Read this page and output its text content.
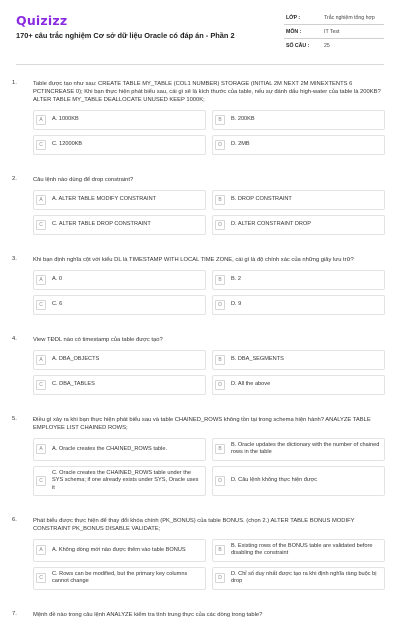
Quizizz
170+ câu trắc nghiệm Cơ sở dữ liệu Oracle có đáp án - Phần 2
LỚP :	Trắc nghiệm tổng hợp
MÔN :	IT Test
SỐ CÂU :	25
1.	Table được tạo như sau: CREATE TABLE MY_TABLE (COL1 NUMBER) STORAGE (INITIAL 2M NEXT 2M MINEXTENTS 6 PCTINCREASE 0); Khi bạn thực hiện phát biểu sau, cái gì sẽ là kích thước của table, nếu sự đánh dấu high-water của table là 200KB? ALTER TABLE MY_TABLE DEALLOCATE UNUSED KEEP 1000K;
A	A. 1000KB	B	B. 200KB
C	C. 12000KB	D	D. 2MB
2.	Câu lệnh nào dùng để drop constraint?
A	A. ALTER TABLE MODIFY CONSTRAINT	B	B. DROP CONSTRAINT
C	C. ALTER TABLE DROP CONSTRAINT	D	D. ALTER CONSTRAINT DROP
3.	Khi bạn định nghĩa cột với kiểu DL là TIMESTAMP WITH LOCAL TIME ZONE, cái gì là độ chính xác của những giây lưu trữ?
A	A. 0	B	B. 2
C	C. 6	D	D. 9
4.	View TĐDL nào có timestamp của table được tạo?
A	A. DBA_OBJECTS	B	B. DBA_SEGMENTS
C	C. DBA_TABLES	D	D. All the above
5.	Điều gì xảy ra khi bạn thực hiện phát biểu sau và table CHAINED_ROWS không tồn tại trong schema hiện hành? ANALYZE TABLE EMPLOYEE LIST CHAINED ROWS;
A	A. Oracle creates the CHAINED_ROWS table.	B
B. Oracle updates the dictionary with the number of chained rows in the table
C
C. Oracle creates the CHAINED_ROWS table under the SYS schema; if one already exists under SYS, Oracle uses it
D	D. Câu lệnh không thực hiện được
6.	Phát biểu được thực hiện để thay đổi khóa chính (PK_BONUS) của table BONUS. (chọn 2.) ALTER TABLE BONUS MODIFY CONSTRAINT PK_BONUS DISABLE VALIDATE;
A	A. Không dòng mới nào được thêm vào table BONUS	B
B. Existing rows of the BONUS table are validated before disabling the constraint
C
C. Rows can be modified, but the primary key columns cannot change	D
D. Chỉ số duy nhất được tạo ra khi định nghĩa ràng buộc bị drop
7.	Mệnh đề nào trong câu lệnh ANALYZE kiểm tra tình trung thực của các dòng trong table?
